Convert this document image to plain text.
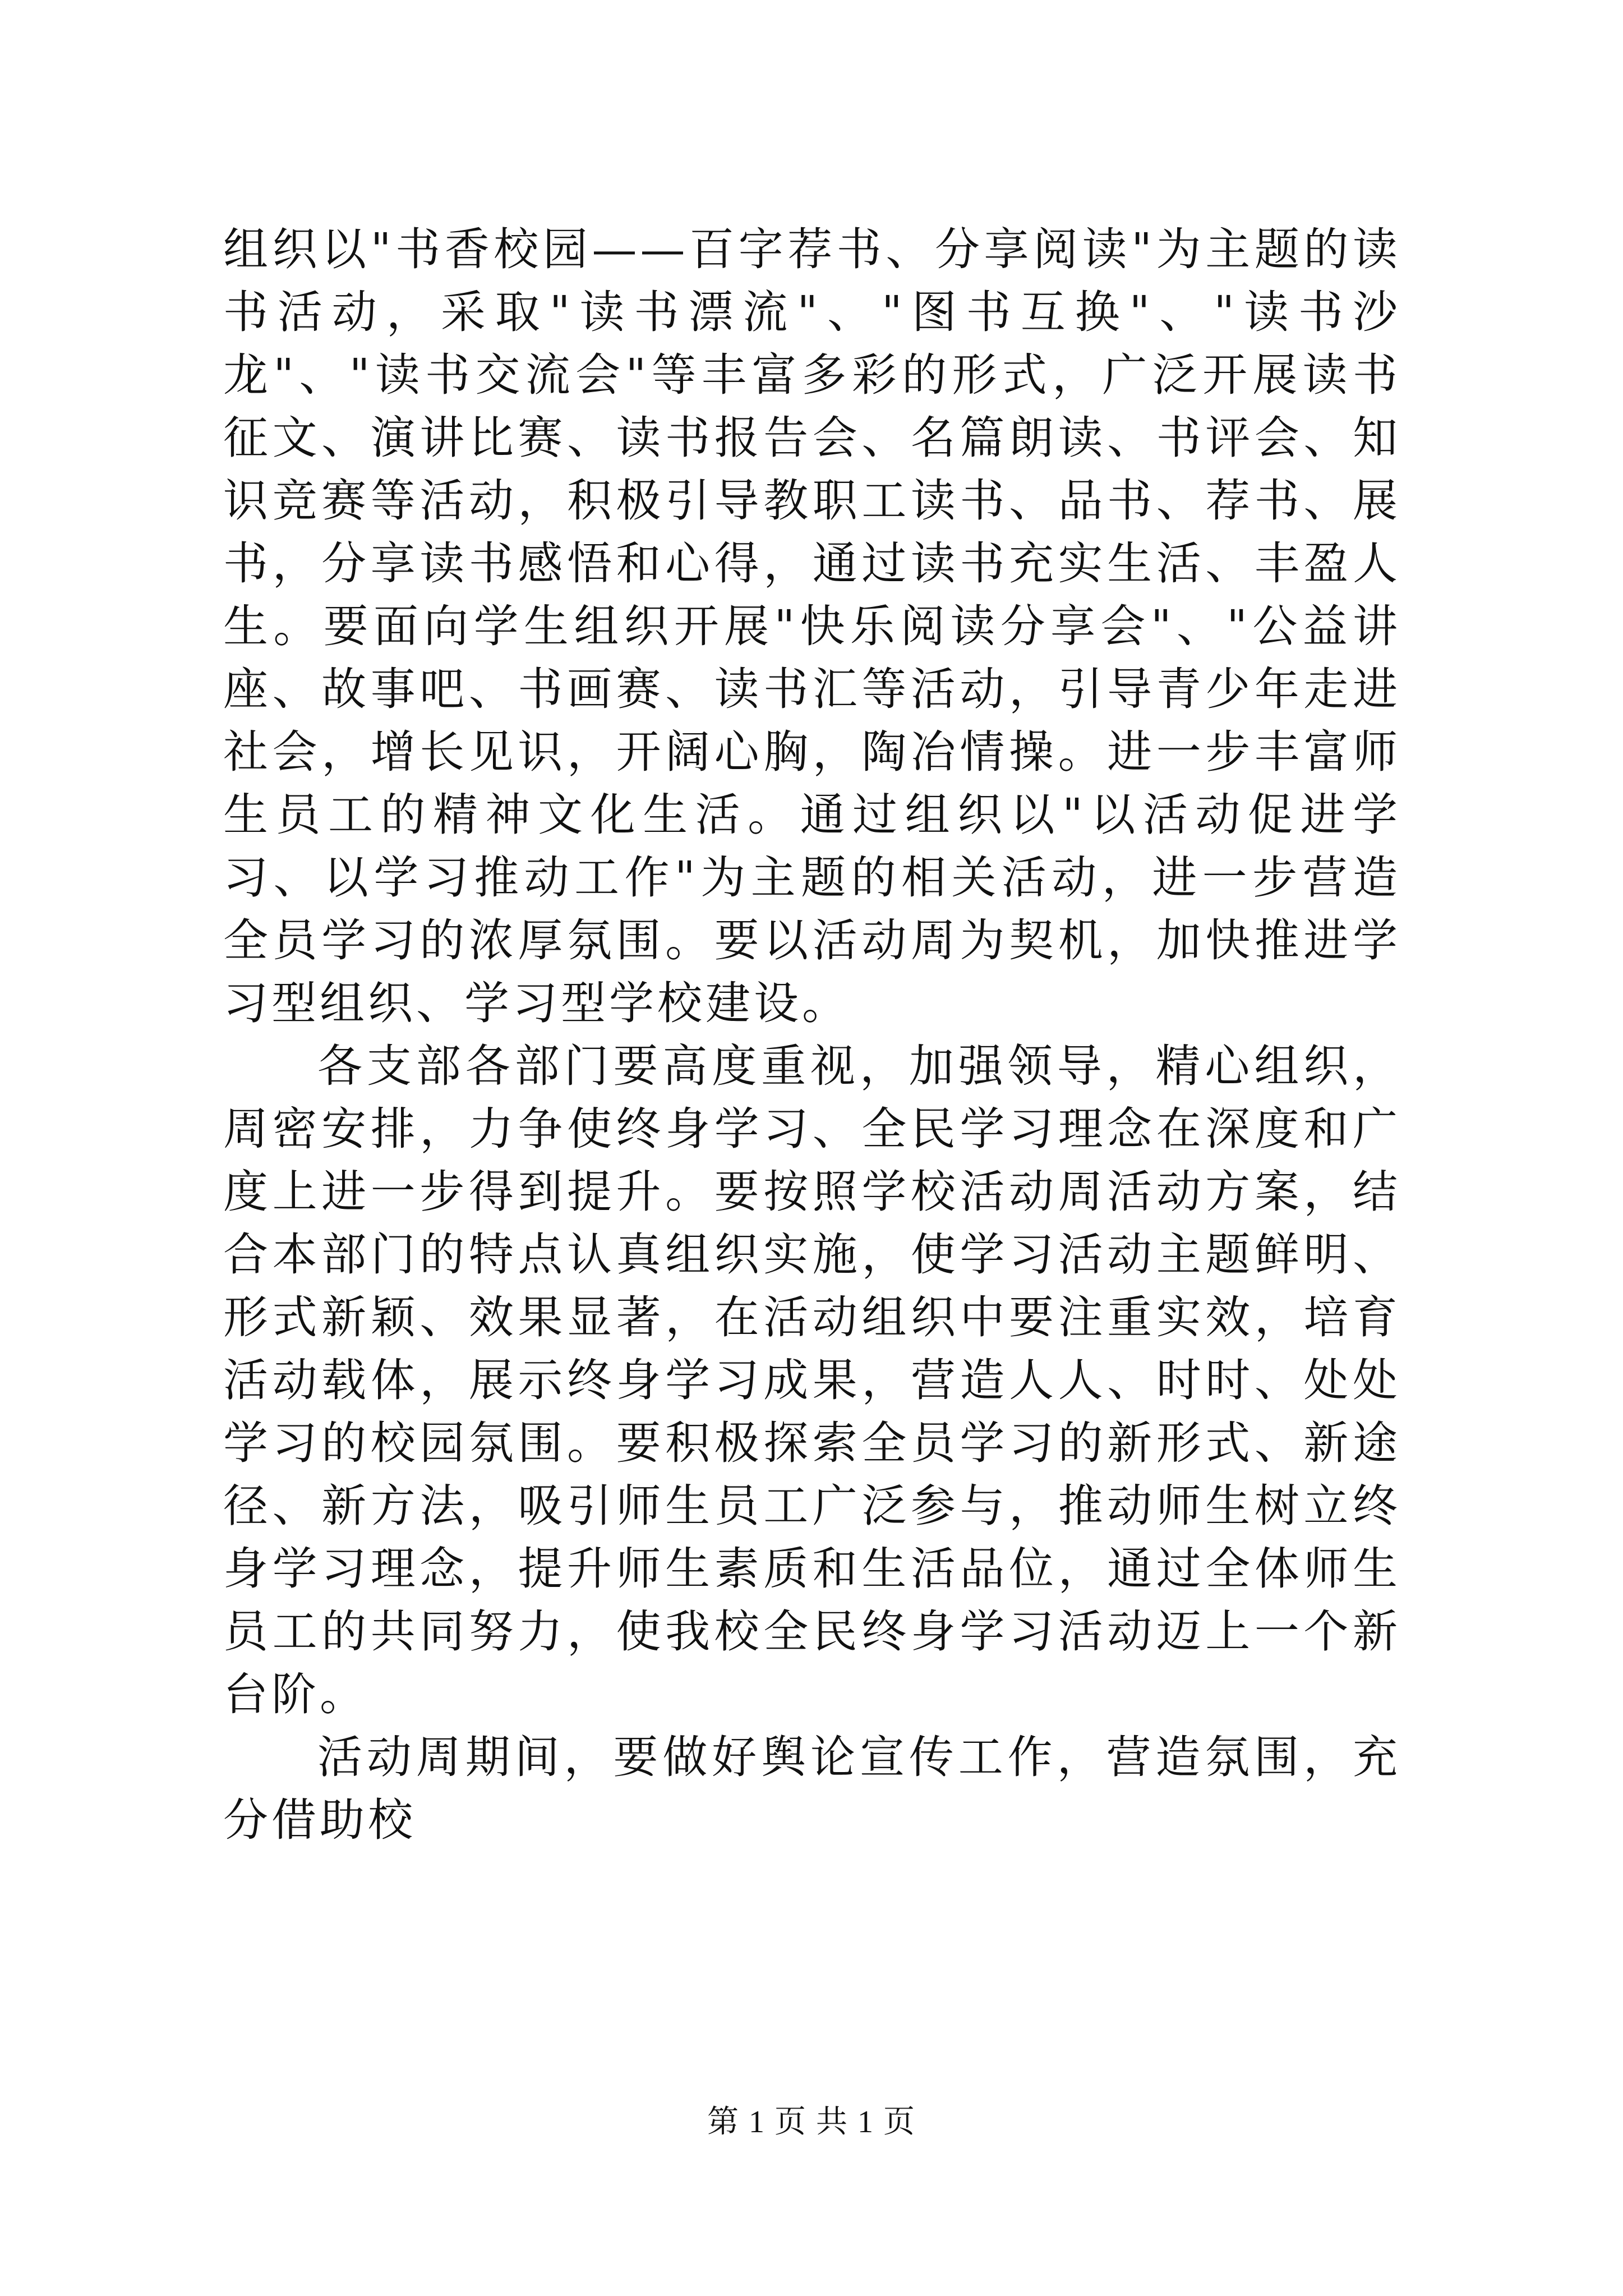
组织以"书香校园——百字荐书、分享阅读"为主题的读书活动，采取"读书漂流"、"图书互换"、"读书沙龙"、"读书交流会"等丰富多彩的形式，广泛开展读书征文、演讲比赛、读书报告会、名篇朗读、书评会、知识竞赛等活动，积极引导教职工读书、品书、荐书、展书，分享读书感悟和心得，通过读书充实生活、丰盈人生。要面向学生组织开展"快乐阅读分享会"、"公益讲座、故事吧、书画赛、读书汇等活动，引导青少年走进社会，增长见识，开阔心胸，陶冶情操。进一步丰富师生员工的精神文化生活。通过组织以"以活动促进学习、以学习推动工作"为主题的相关活动，进一步营造全员学习的浓厚氛围。要以活动周为契机，加快推进学习型组织、学习型学校建设。

各支部各部门要高度重视，加强领导，精心组织，周密安排，力争使终身学习、全民学习理念在深度和广度上进一步得到提升。要按照学校活动周活动方案，结合本部门的特点认真组织实施，使学习活动主题鲜明、形式新颖、效果显著，在活动组织中要注重实效，培育活动载体，展示终身学习成果，营造人人、时时、处处学习的校园氛围。要积极探索全员学习的新形式、新途径、新方法，吸引师生员工广泛参与，推动师生树立终身学习理念，提升师生素质和生活品位，通过全体师生员工的共同努力，使我校全民终身学习活动迈上一个新台阶。

活动周期间，要做好舆论宣传工作，营造氛围，充分借助校

第 1 页 共 1 页
